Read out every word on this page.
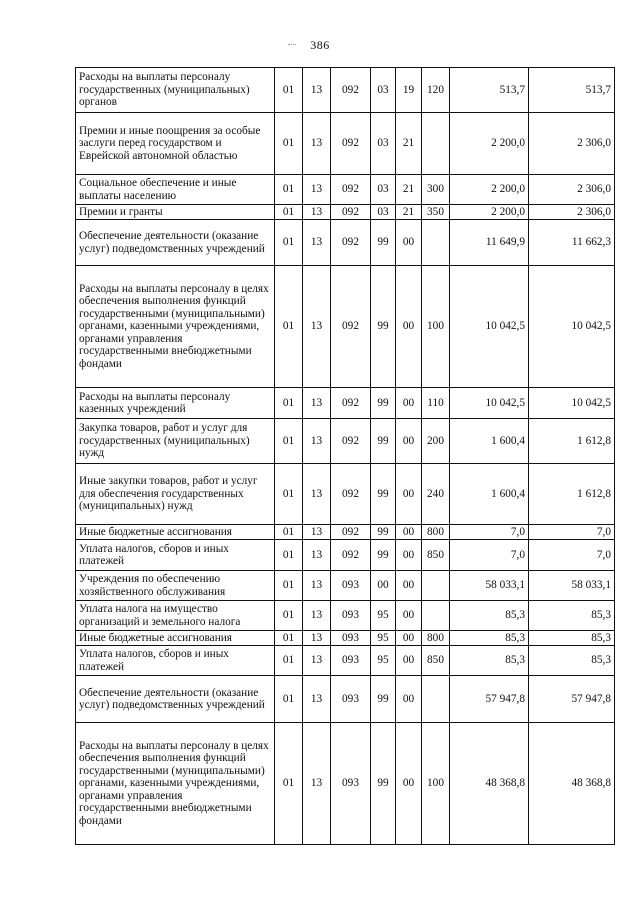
386
Расходы на выплаты персоналу государственных (муниципальных) органов	01	13	092	03	19	120	513,7	513,7
Премии и иные поощрения за особые заслуги перед государством и Еврейской автономной областью	01	13	092	03	21		2 200,0	2 306,0
Социальное обеспечение и иные выплаты населению	01	13	092	03	21	300	2 200,0	2 306,0
Премии и гранты	01	13	092	03	21	350	2 200,0	2 306,0
Обеспечение деятельности (оказание услуг) подведомственных учреждений	01	13	092	99	00		11 649,9	11 662,3
Расходы на выплаты персоналу в целях обеспечения выполнения функций государственными (муниципальными) органами, казенными учреждениями, органами управления государственными внебюджетными фондами	01	13	092	99	00	100	10 042,5	10 042,5
Расходы на выплаты персоналу казенных учреждений	01	13	092	99	00	110	10 042,5	10 042,5
Закупка товаров, работ и услуг для государственных (муниципальных) нужд	01	13	092	99	00	200	1 600,4	1 612,8
Иные закупки товаров, работ и услуг для обеспечения государственных (муниципальных) нужд	01	13	092	99	00	240	1 600,4	1 612,8
Иные бюджетные ассигнования	01	13	092	99	00	800	7,0	7,0
Уплата налогов, сборов и иных платежей	01	13	092	99	00	850	7,0	7,0
Учреждения по обеспечению хозяйственного обслуживания	01	13	093	00	00		58 033,1	58 033,1
Уплата налога на имущество организаций и земельного налога	01	13	093	95	00		85,3	85,3
Иные бюджетные ассигнования	01	13	093	95	00	800	85,3	85,3
Уплата налогов, сборов и иных платежей	01	13	093	95	00	850	85,3	85,3
Обеспечение деятельности (оказание услуг) подведомственных учреждений	01	13	093	99	00		57 947,8	57 947,8
Расходы на выплаты персоналу в целях обеспечения выполнения функций государственными (муниципальными) органами, казенными учреждениями, органами управления государственными внебюджетными фондами	01	13	093	99	00	100	48 368,8	48 368,8
